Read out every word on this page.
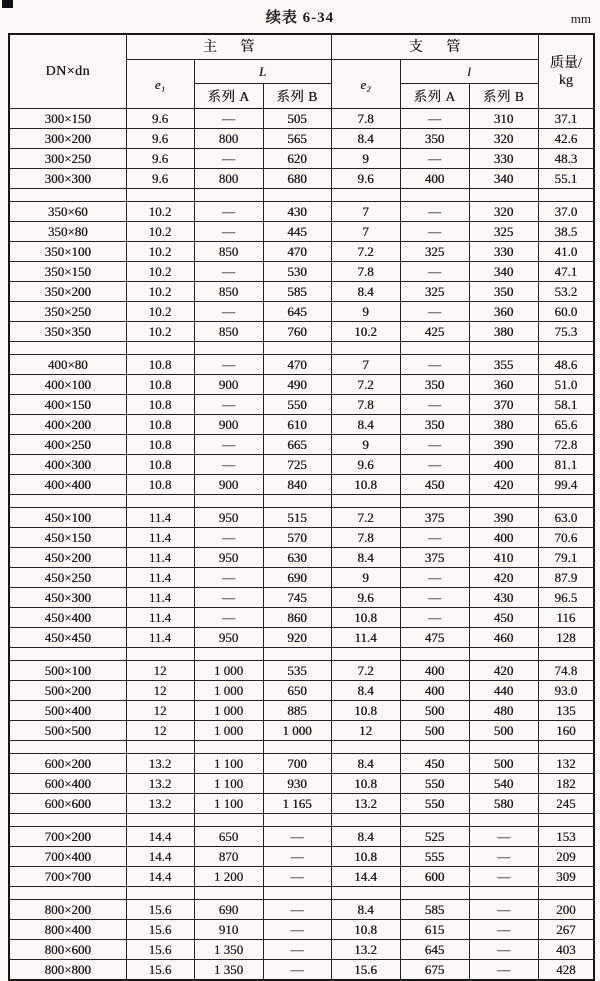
续表 6-34	mm
DN×dn	主 管			支 管			质量/
kg

	e₁	L		e₂	l		
		系列 A	系列 B		系列 A	系列 B	
300×150	9.6	—	505	7.8	—	310	37.1
300×200	9.6	800	565	8.4	350	320	42.6
300×250	9.6	—	620	9	—	330	48.3
300×300	9.6	800	680	9.6	400	340	55.1

350×60	10.2	—	430	7	—	320	37.0
350×80	10.2	—	445	7	—	325	38.5
350×100	10.2	850	470	7.2	325	330	41.0
350×150	10.2	—	530	7.8	—	340	47.1
350×200	10.2	850	585	8.4	325	350	53.2
350×250	10.2	—	645	9	—	360	60.0
350×350	10.2	850	760	10.2	425	380	75.3

400×80	10.8	—	470	7	—	355	48.6
400×100	10.8	900	490	7.2	350	360	51.0
400×150	10.8	—	550	7.8	—	370	58.1
400×200	10.8	900	610	8.4	350	380	65.6
400×250	10.8	—	665	9	—	390	72.8
400×300	10.8	—	725	9.6	—	400	81.1
400×400	10.8	900	840	10.8	450	420	99.4

450×100	11.4	950	515	7.2	375	390	63.0
450×150	11.4	—	570	7.8	—	400	70.6
450×200	11.4	950	630	8.4	375	410	79.1
450×250	11.4	—	690	9	—	420	87.9
450×300	11.4	—	745	9.6	—	430	96.5
450×400	11.4	—	860	10.8	—	450	116
450×450	11.4	950	920	11.4	475	460	128

500×100	12	1 000	535	7.2	400	420	74.8
500×200	12	1 000	650	8.4	400	440	93.0
500×400	12	1 000	885	10.8	500	480	135
500×500	12	1 000	1 000	12	500	500	160

600×200	13.2	1 100	700	8.4	450	500	132
600×400	13.2	1 100	930	10.8	550	540	182
600×600	13.2	1 100	1 165	13.2	550	580	245

700×200	14.4	650	—	8.4	525	—	153
700×400	14.4	870	—	10.8	555	—	209
700×700	14.4	1 200	—	14.4	600	—	309

800×200	15.6	690	—	8.4	585	—	200
800×400	15.6	910	—	10.8	615	—	267
800×600	15.6	1 350	—	13.2	645	—	403
800×800	15.6	1 350	—	15.6	675	—	428
